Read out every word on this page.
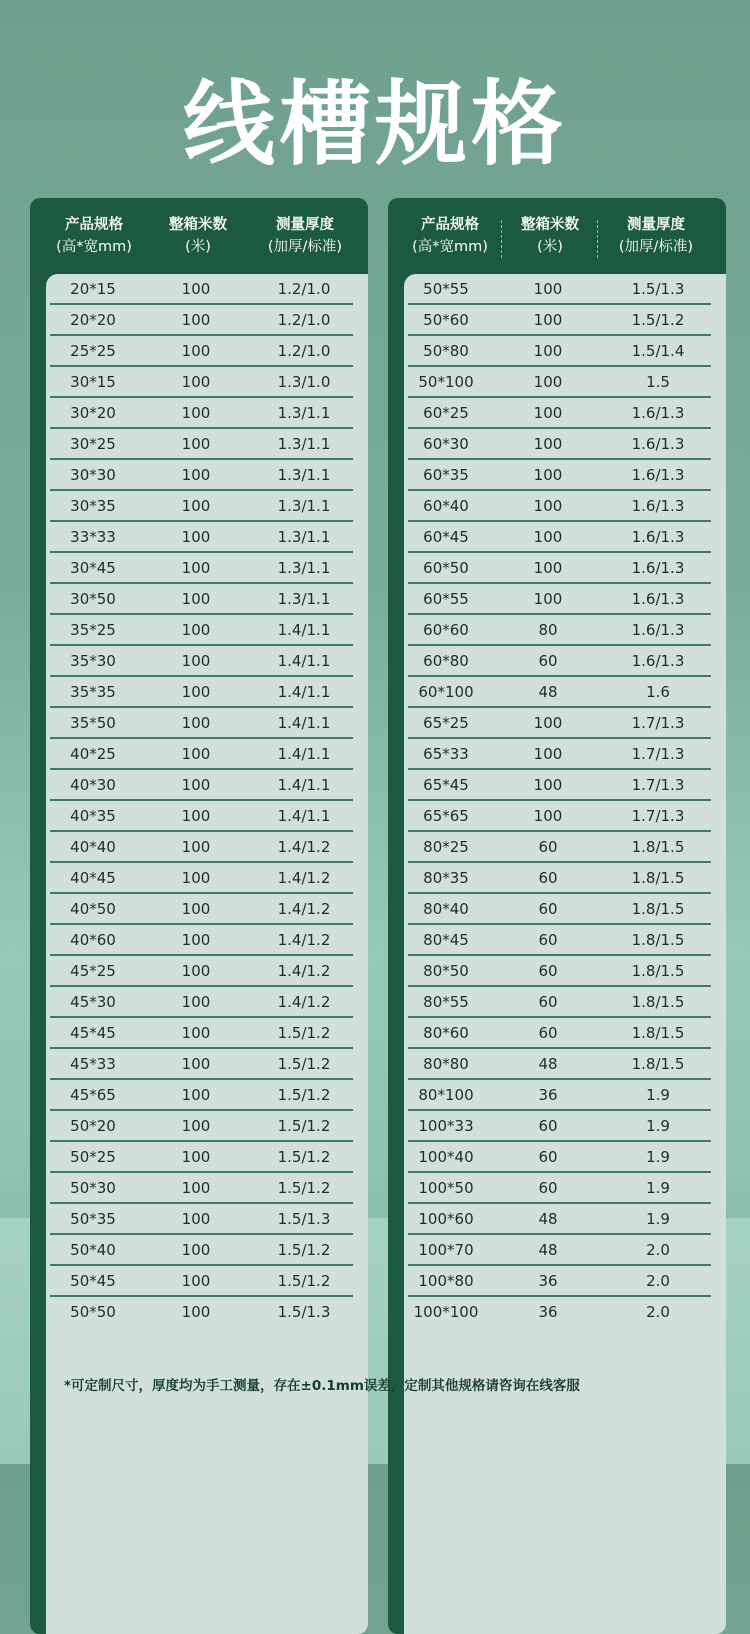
线槽规格
产品规格
(高*宽mm)
整箱米数
(米)
测量厚度
(加厚/标准)
20*15	100	1.2/1.0
20*20	100	1.2/1.0
25*25	100	1.2/1.0
30*15	100	1.3/1.0
30*20	100	1.3/1.1
30*25	100	1.3/1.1
30*30	100	1.3/1.1
30*35	100	1.3/1.1
33*33	100	1.3/1.1
30*45	100	1.3/1.1
30*50	100	1.3/1.1
35*25	100	1.4/1.1
35*30	100	1.4/1.1
35*35	100	1.4/1.1
35*50	100	1.4/1.1
40*25	100	1.4/1.1
40*30	100	1.4/1.1
40*35	100	1.4/1.1
40*40	100	1.4/1.2
40*45	100	1.4/1.2
40*50	100	1.4/1.2
40*60	100	1.4/1.2
45*25	100	1.4/1.2
45*30	100	1.4/1.2
45*45	100	1.5/1.2
45*33	100	1.5/1.2
45*65	100	1.5/1.2
50*20	100	1.5/1.2
50*25	100	1.5/1.2
50*30	100	1.5/1.2
50*35	100	1.5/1.3
50*40	100	1.5/1.2
50*45	100	1.5/1.2
50*50	100	1.5/1.3
产品规格
(高*宽mm)
整箱米数
(米)
测量厚度
(加厚/标准)
50*55	100	1.5/1.3
50*60	100	1.5/1.2
50*80	100	1.5/1.4
50*100	100	1.5
60*25	100	1.6/1.3
60*30	100	1.6/1.3
60*35	100	1.6/1.3
60*40	100	1.6/1.3
60*45	100	1.6/1.3
60*50	100	1.6/1.3
60*55	100	1.6/1.3
60*60	80	1.6/1.3
60*80	60	1.6/1.3
60*100	48	1.6
65*25	100	1.7/1.3
65*33	100	1.7/1.3
65*45	100	1.7/1.3
65*65	100	1.7/1.3
80*25	60	1.8/1.5
80*35	60	1.8/1.5
80*40	60	1.8/1.5
80*45	60	1.8/1.5
80*50	60	1.8/1.5
80*55	60	1.8/1.5
80*60	60	1.8/1.5
80*80	48	1.8/1.5
80*100	36	1.9
100*33	60	1.9
100*40	60	1.9
100*50	60	1.9
100*60	48	1.9
100*70	48	2.0
100*80	36	2.0
100*100	36	2.0
*可定制尺寸，厚度均为手工测量，存在±0.1mm误差，定制其他规格请咨询在线客服
